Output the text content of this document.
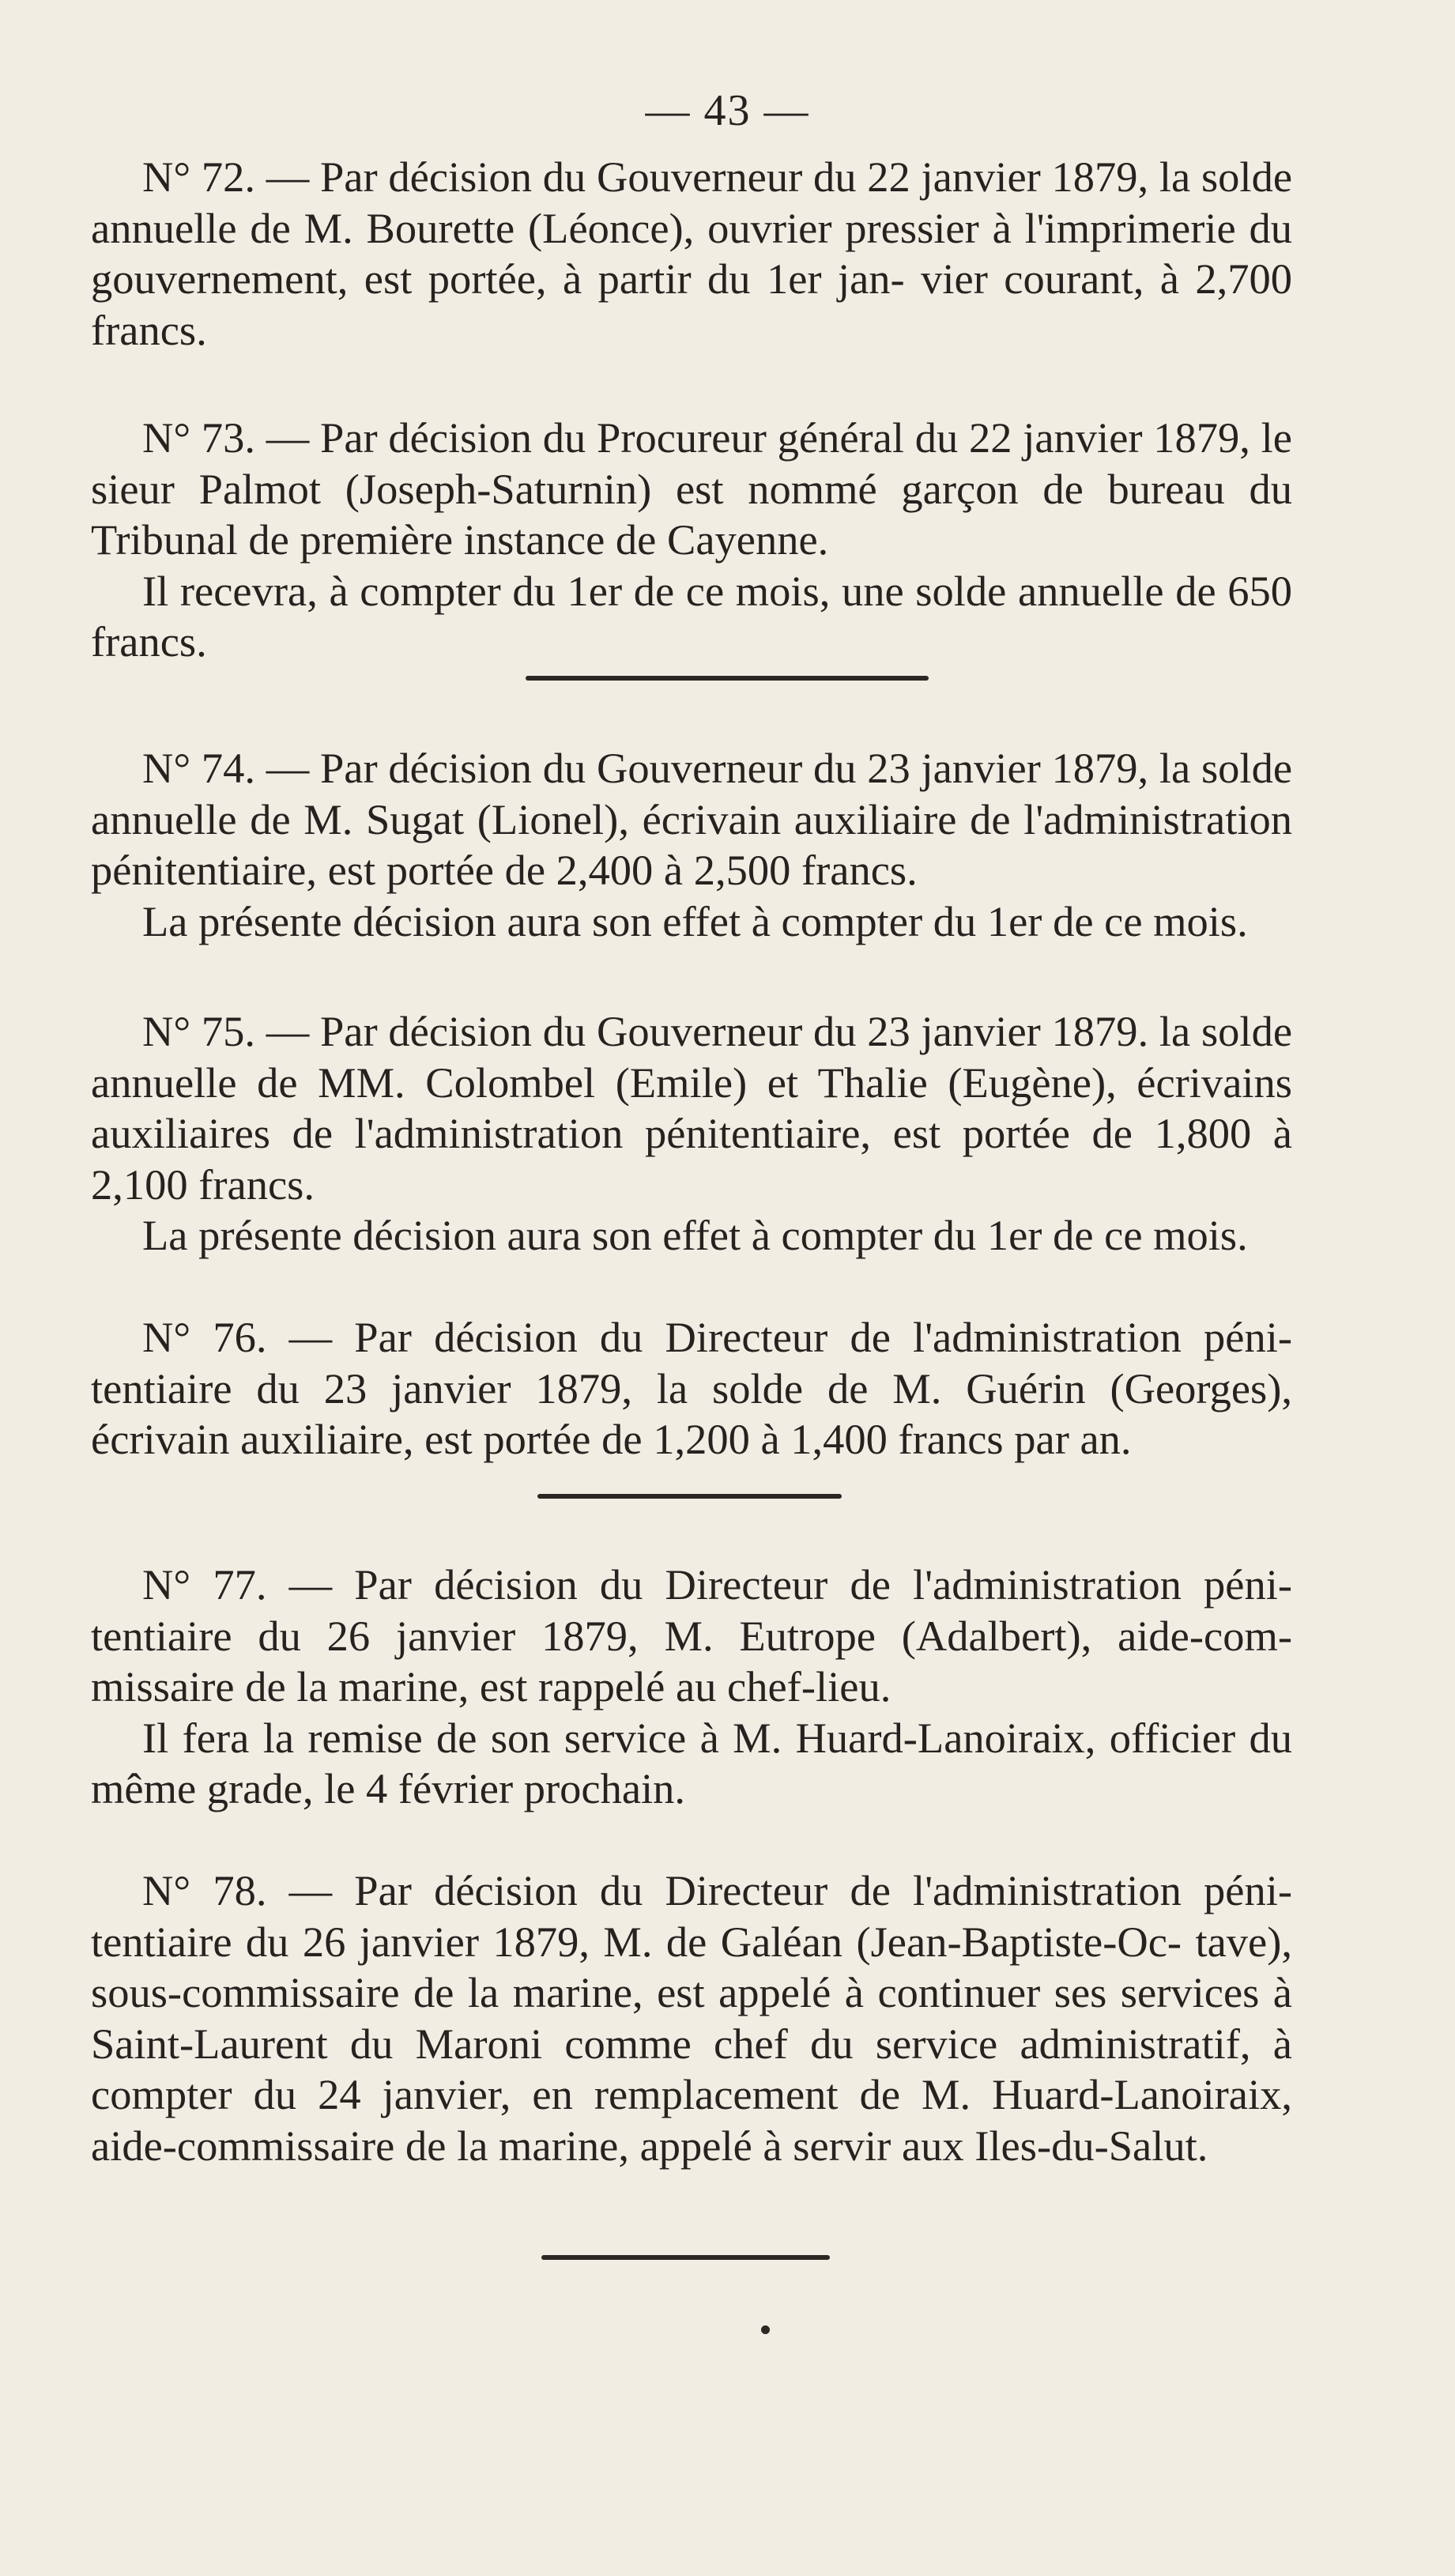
— 43 —

N° 72. — Par décision du Gouverneur du 22 janvier 1879, la solde annuelle de M. Bourette (Léonce), ouvrier pressier à l'imprimerie du gouvernement, est portée, à partir du 1er jan- vier courant, à 2,700 francs.

N° 73. — Par décision du Procureur général du 22 janvier 1879, le sieur Palmot (Joseph-Saturnin) est nommé garçon de bureau du Tribunal de première instance de Cayenne.

Il recevra, à compter du 1er de ce mois, une solde annuelle de 650 francs.

N° 74. — Par décision du Gouverneur du 23 janvier 1879, la solde annuelle de M. Sugat (Lionel), écrivain auxiliaire de l'administration pénitentiaire, est portée de 2,400 à 2,500 francs.

La présente décision aura son effet à compter du 1er de ce mois.

N° 75. — Par décision du Gouverneur du 23 janvier 1879. la solde annuelle de MM. Colombel (Emile) et Thalie (Eugène), écrivains auxiliaires de l'administration pénitentiaire, est portée de 1,800 à 2,100 francs.

La présente décision aura son effet à compter du 1er de ce mois.

N° 76. — Par décision du Directeur de l'administration péni- tentiaire du 23 janvier 1879, la solde de M. Guérin (Georges), écrivain auxiliaire, est portée de 1,200 à 1,400 francs par an.

N° 77. — Par décision du Directeur de l'administration péni- tentiaire du 26 janvier 1879, M. Eutrope (Adalbert), aide-com- missaire de la marine, est rappelé au chef-lieu.

Il fera la remise de son service à M. Huard-Lanoiraix, officier du même grade, le 4 février prochain.

N° 78. — Par décision du Directeur de l'administration péni- tentiaire du 26 janvier 1879, M. de Galéan (Jean-Baptiste-Oc- tave), sous-commissaire de la marine, est appelé à continuer ses services à Saint-Laurent du Maroni comme chef du service administratif, à compter du 24 janvier, en remplacement de M. Huard-Lanoiraix, aide-commissaire de la marine, appelé à servir aux Iles-du-Salut.
